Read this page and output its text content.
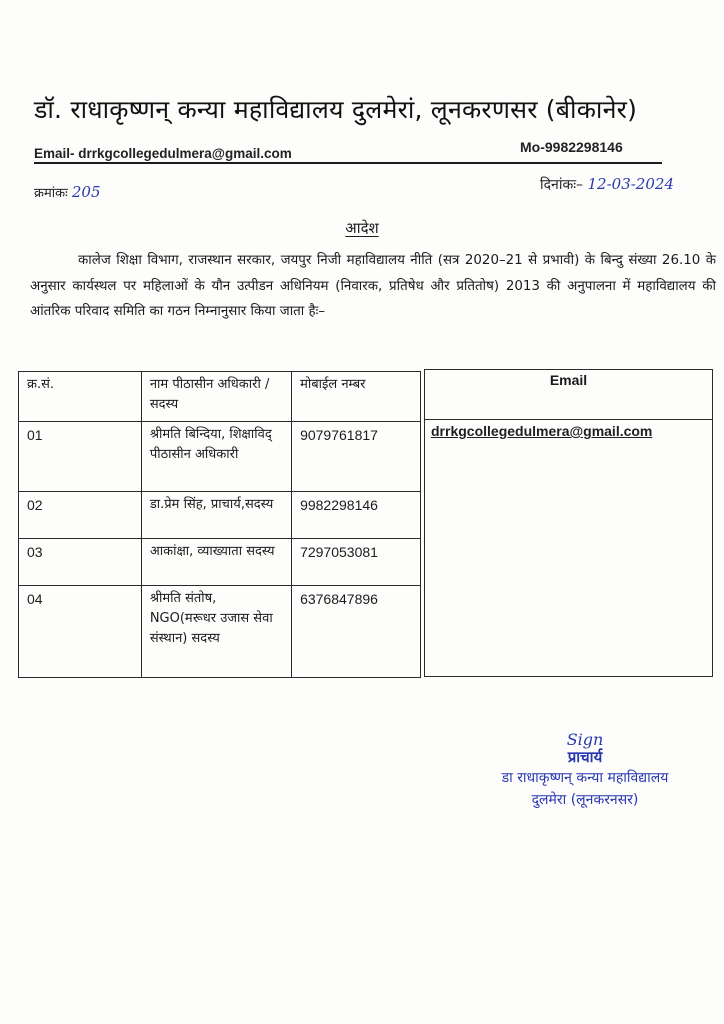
डॉ. राधाकृष्णन् कन्या महाविद्यालय दुलमेरां, लूनकरणसर (बीकानेर)
Mo-9982298146
Email- drrkgcollegedulmera@gmail.com
क्रमांकः 205	दिनांकः– 12-03-2024
आदेश
कालेज शिक्षा विभाग, राजस्थान सरकार, जयपुर निजी महाविद्यालय नीति (सत्र 2020–21 से प्रभावी) के बिन्दु संख्या 26.10 के अनुसार कार्यस्थल पर महिलाओं के यौन उत्पीडन अधिनियम (निवारक, प्रतिषेध और प्रतितोष) 2013 की अनुपालना में महाविद्यालय की आंतरिक परिवाद समिति का गठन निम्नानुसार किया जाता हैः–
क्र.सं.	नाम पीठासीन अधिकारी / सदस्य	मोबाईल नम्बर
01	श्रीमति बिन्दिया, शिक्षाविद् पीठासीन अधिकारी	9079761817
02	डा.प्रेम सिंह, प्राचार्य,सदस्य	9982298146
03	आकांक्षा, व्याख्याता सदस्य	7297053081
04	श्रीमति संतोष, NGO(मरूधर उजास सेवा संस्थान) सदस्य	6376847896
Email
drrkgcollegedulmera@gmail.com
Sign
प्राचार्य
डा राधाकृष्णन् कन्या महाविद्यालय
दुलमेरा (लूनकरनसर)
